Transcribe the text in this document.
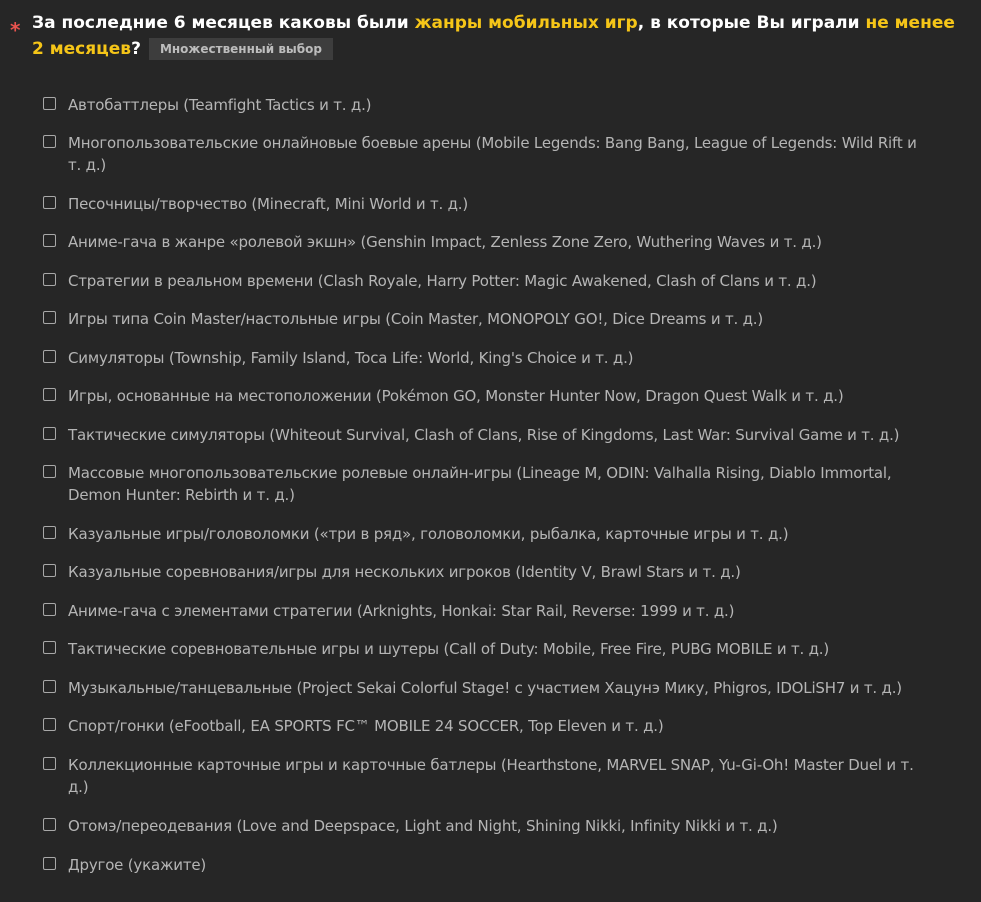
* За последние 6 месяцев каковы были жанры мобильных игр, в которые Вы играли не менее 2 месяцев? Множественный выбор
Автобаттлеры (Teamfight Tactics и т. д.)
Многопользовательские онлайновые боевые арены (Mobile Legends: Bang Bang, League of Legends: Wild Rift и т. д.)
Песочницы/творчество (Minecraft, Mini World и т. д.)
Аниме-гача в жанре «ролевой экшн» (Genshin Impact, Zenless Zone Zero, Wuthering Waves и т. д.)
Стратегии в реальном времени (Clash Royale, Harry Potter: Magic Awakened, Clash of Clans и т. д.)
Игры типа Coin Master/настольные игры (Coin Master, MONOPOLY GO!, Dice Dreams и т. д.)
Симуляторы (Township, Family Island, Toca Life: World, King's Choice и т. д.)
Игры, основанные на местоположении (Pokémon GO, Monster Hunter Now, Dragon Quest Walk и т. д.)
Тактические симуляторы (Whiteout Survival, Clash of Clans, Rise of Kingdoms, Last War: Survival Game и т. д.)
Массовые многопользовательские ролевые онлайн-игры (Lineage M, ODIN: Valhalla Rising, Diablo Immortal, Demon Hunter: Rebirth и т. д.)
Казуальные игры/головоломки («три в ряд», головоломки, рыбалка, карточные игры и т. д.)
Казуальные соревнования/игры для нескольких игроков (Identity V, Brawl Stars и т. д.)
Аниме-гача с элементами стратегии (Arknights, Honkai: Star Rail, Reverse: 1999 и т. д.)
Тактические соревновательные игры и шутеры (Call of Duty: Mobile, Free Fire, PUBG MOBILE и т. д.)
Музыкальные/танцевальные (Project Sekai Colorful Stage! с участием Хацунэ Мику, Phigros, IDOLiSH7 и т. д.)
Спорт/гонки (eFootball, EA SPORTS FC™ MOBILE 24 SOCCER, Top Eleven и т. д.)
Коллекционные карточные игры и карточные батлеры (Hearthstone, MARVEL SNAP, Yu-Gi-Oh! Master Duel и т. д.)
Отомэ/переодевания (Love and Deepspace, Light and Night, Shining Nikki, Infinity Nikki и т. д.)
Другое (укажите)
